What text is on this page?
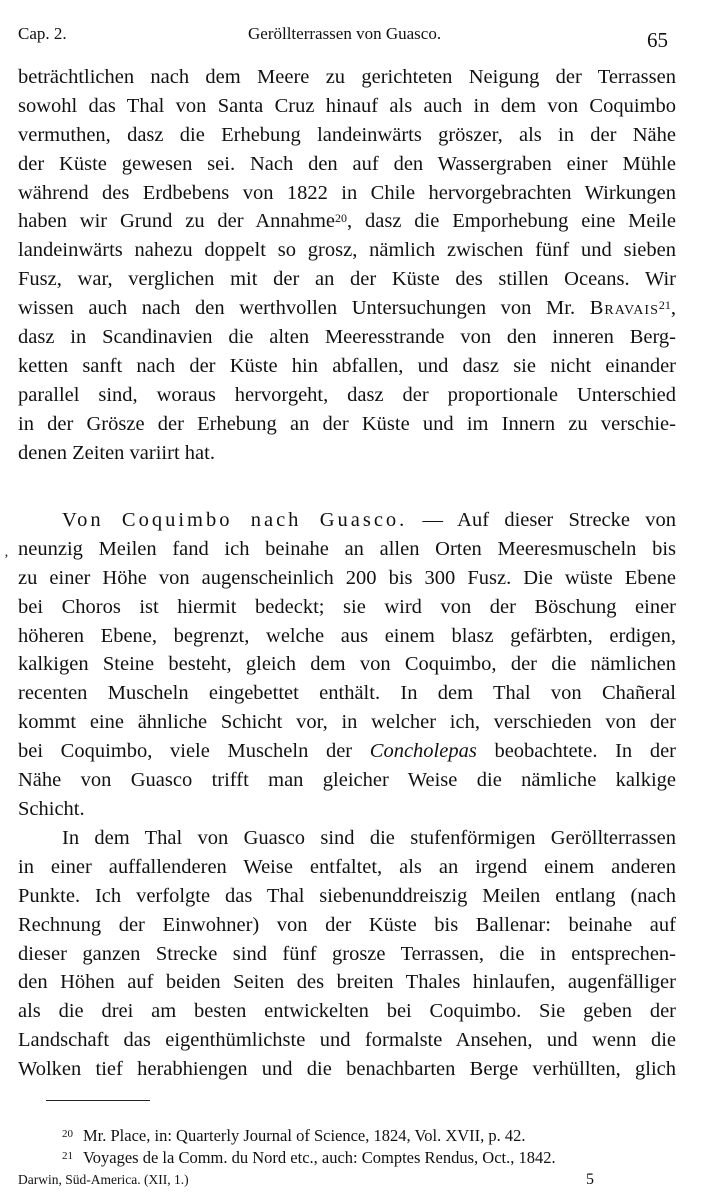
Cap. 2.	Geröllterrassen von Guasco.	65
beträchtlichen nach dem Meere zu gerichteten Neigung der Terrassen
sowohl das Thal von Santa Cruz hinauf als auch in dem von Coquimbo
vermuthen, dasz die Erhebung landeinwärts gröszer, als in der Nähe
der Küste gewesen sei. Nach den auf den Wassergraben einer Mühle
während des Erdbebens von 1822 in Chile hervorgebrachten Wirkungen
haben wir Grund zu der Annahme$^{20}$, dasz die Emporhebung eine Meile
landeinwärts nahezu doppelt so grosz, nämlich zwischen fünf und sieben
Fusz, war, verglichen mit der an der Küste des stillen Oceans. Wir
wissen auch nach den werthvollen Untersuchungen von Mr. Bravais$^{21}$,
dasz in Scandinavien die alten Meeresstrande von den inneren Berg-
ketten sanft nach der Küste hin abfallen, und dasz sie nicht einander
parallel sind, woraus hervorgeht, dasz der proportionale Unterschied
in der Grösze der Erhebung an der Küste und im Innern zu verschie-
denen Zeiten variirt hat.
‚
Von Coquimbo nach Guasco. — Auf dieser Strecke von
neunzig Meilen fand ich beinahe an allen Orten Meeresmuscheln bis
zu einer Höhe von augenscheinlich 200 bis 300 Fusz. Die wüste Ebene
bei Choros ist hiermit bedeckt; sie wird von der Böschung einer
höheren Ebene, begrenzt, welche aus einem blasz gefärbten, erdigen,
kalkigen Steine besteht, gleich dem von Coquimbo, der die nämlichen
recenten Muscheln eingebettet enthält. In dem Thal von Chañeral
kommt eine ähnliche Schicht vor, in welcher ich, verschieden von der
bei Coquimbo, viele Muscheln der Concholepas beobachtete. In der
Nähe von Guasco trifft man gleicher Weise die nämliche kalkige
Schicht.
In dem Thal von Guasco sind die stufenförmigen Geröllterrassen
in einer auffallenderen Weise entfaltet, als an irgend einem anderen
Punkte. Ich verfolgte das Thal siebenunddreiszig Meilen entlang (nach
Rechnung der Einwohner) von der Küste bis Ballenar: beinahe auf
dieser ganzen Strecke sind fünf grosze Terrassen, die in entsprechen-
den Höhen auf beiden Seiten des breiten Thales hinlaufen, augenfälliger
als die drei am besten entwickelten bei Coquimbo. Sie geben der
Landschaft das eigenthümlichste und formalste Ansehen, und wenn die
Wolken tief herabhiengen und die benachbarten Berge verhüllten, glich
$^{20}$ Mr. Place, in: Quarterly Journal of Science, 1824, Vol. XVII, p. 42.
$^{21}$ Voyages de la Comm. du Nord etc., auch: Comptes Rendus, Oct., 1842.
Darwin, Süd-America. (XII, 1.)	5
